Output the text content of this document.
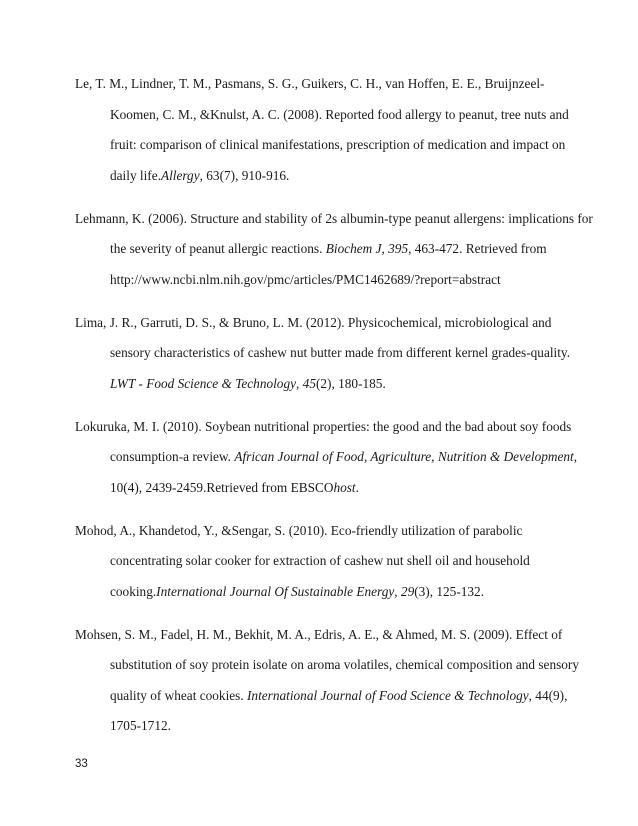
Le, T. M., Lindner, T. M., Pasmans, S. G., Guikers, C. H., van Hoffen, E. E., Bruijnzeel-
Koomen, C. M., &Knulst, A. C. (2008). Reported food allergy to peanut, tree nuts and
fruit: comparison of clinical manifestations, prescription of medication and impact on
daily life.Allergy, 63(7), 910-916.
Lehmann, K. (2006). Structure and stability of 2s albumin-type peanut allergens: implications for
the severity of peanut allergic reactions. Biochem J, 395, 463-472. Retrieved from
http://www.ncbi.nlm.nih.gov/pmc/articles/PMC1462689/?report=abstract
Lima, J. R., Garruti, D. S., & Bruno, L. M. (2012). Physicochemical, microbiological and
sensory characteristics of cashew nut butter made from different kernel grades-quality.
LWT - Food Science & Technology, 45(2), 180-185.
Lokuruka, M. I. (2010). Soybean nutritional properties: the good and the bad about soy foods
consumption-a review. African Journal of Food, Agriculture, Nutrition & Development,
10(4), 2439-2459.Retrieved from EBSCOhost.
Mohod, A., Khandetod, Y., &Sengar, S. (2010). Eco-friendly utilization of parabolic
concentrating solar cooker for extraction of cashew nut shell oil and household
cooking.International Journal Of Sustainable Energy, 29(3), 125-132.
Mohsen, S. M., Fadel, H. M., Bekhit, M. A., Edris, A. E., & Ahmed, M. S. (2009). Effect of
substitution of soy protein isolate on aroma volatiles, chemical composition and sensory
quality of wheat cookies. International Journal of Food Science & Technology, 44(9),
1705-1712.
33
